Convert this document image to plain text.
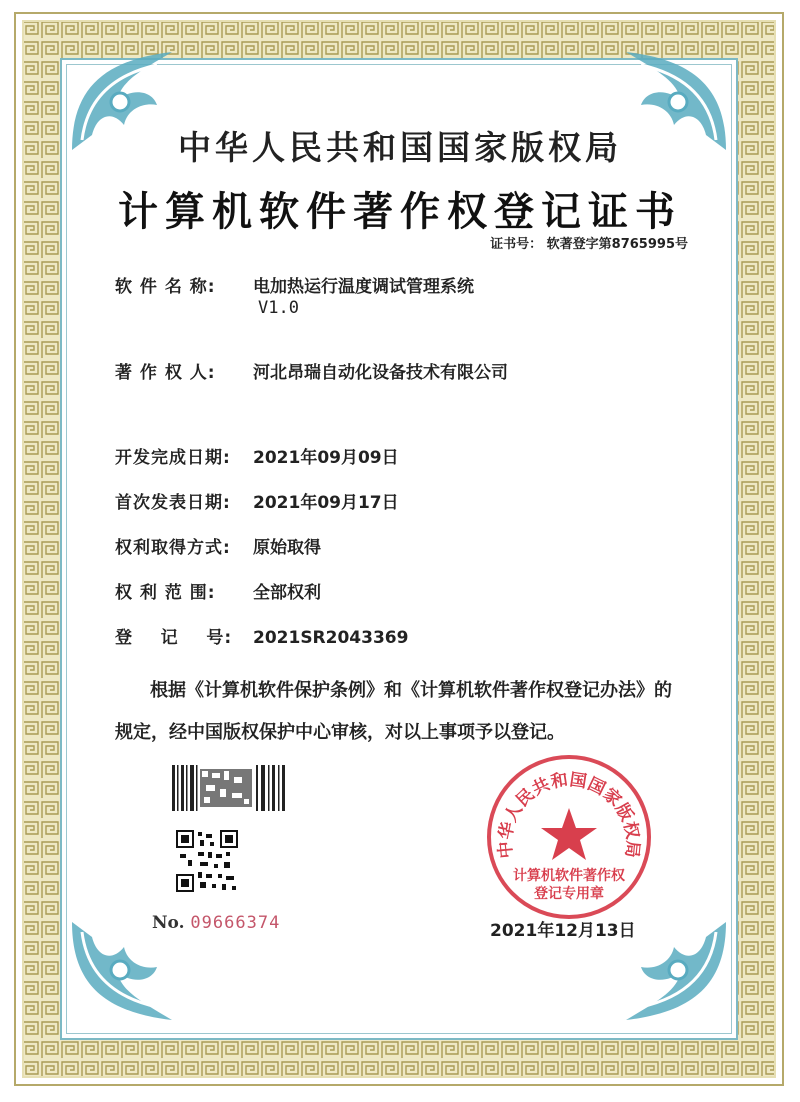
中华人民共和国国家版权局
计算机软件著作权登记证书
证书号： 软著登字第8765995号
软 件 名 称: 电加热运行温度调试管理系统
V1.0
著 作 权 人: 河北昂瑞自动化设备技术有限公司
开发完成日期: 2021年09月09日
首次发表日期: 2021年09月17日
权利取得方式: 原始取得
权 利 范 围: 全部权利
登    记    号: 2021SR2043369
根据《计算机软件保护条例》和《计算机软件著作权登记办法》的
规定，经中国版权保护中心审核，对以上事项予以登记。
No. 09666374
中华人民共和国国家版权局
计算机软件著作权
登记专用章
2021年12月13日
